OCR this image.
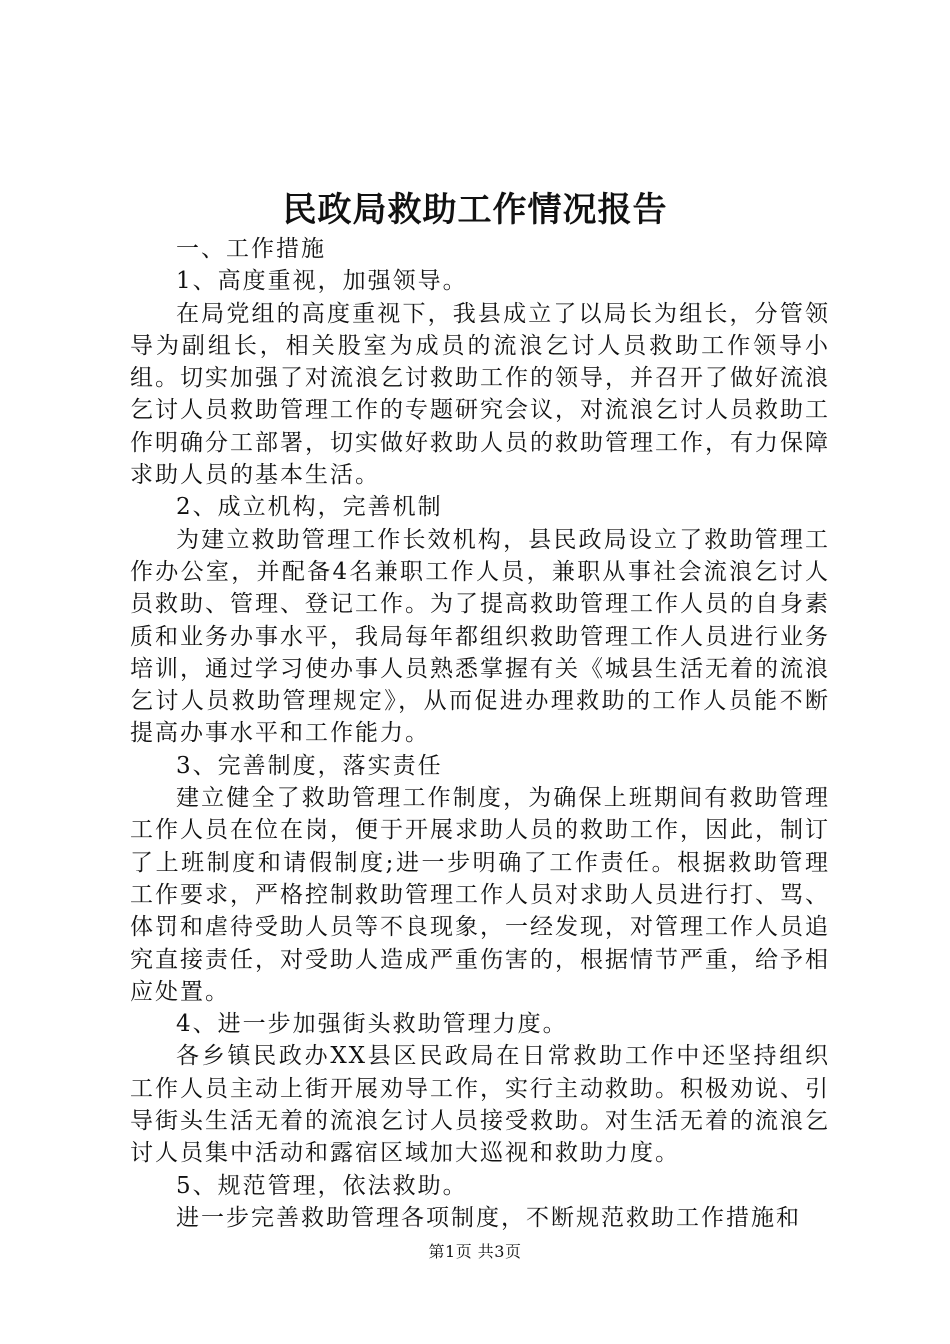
民政局救助工作情况报告

一、工作措施

1、高度重视，加强领导。

在局党组的高度重视下，我县成立了以局长为组长，分管领导为副组长，相关股室为成员的流浪乞讨人员救助工作领导小组。切实加强了对流浪乞讨救助工作的领导，并召开了做好流浪乞讨人员救助管理工作的专题研究会议，对流浪乞讨人员救助工作明确分工部署，切实做好救助人员的救助管理工作，有力保障求助人员的基本生活。

2、成立机构，完善机制

为建立救助管理工作长效机构，县民政局设立了救助管理工作办公室，并配备4名兼职工作人员，兼职从事社会流浪乞讨人员救助、管理、登记工作。为了提高救助管理工作人员的自身素质和业务办事水平，我局每年都组织救助管理工作人员进行业务培训，通过学习使办事人员熟悉掌握有关《城县生活无着的流浪乞讨人员救助管理规定》，从而促进办理救助的工作人员能不断提高办事水平和工作能力。

3、完善制度，落实责任

建立健全了救助管理工作制度，为确保上班期间有救助管理工作人员在位在岗，便于开展求助人员的救助工作，因此，制订了上班制度和请假制度;进一步明确了工作责任。根据救助管理工作要求，严格控制救助管理工作人员对求助人员进行打、骂、体罚和虐待受助人员等不良现象，一经发现，对管理工作人员追究直接责任，对受助人造成严重伤害的，根据情节严重，给予相应处置。

4、进一步加强街头救助管理力度。

各乡镇民政办XX县区民政局在日常救助工作中还坚持组织工作人员主动上街开展劝导工作，实行主动救助。积极劝说、引导街头生活无着的流浪乞讨人员接受救助。对生活无着的流浪乞讨人员集中活动和露宿区域加大巡视和救助力度。

5、规范管理，依法救助。

进一步完善救助管理各项制度，不断规范救助工作措施和

第1页 共3页
